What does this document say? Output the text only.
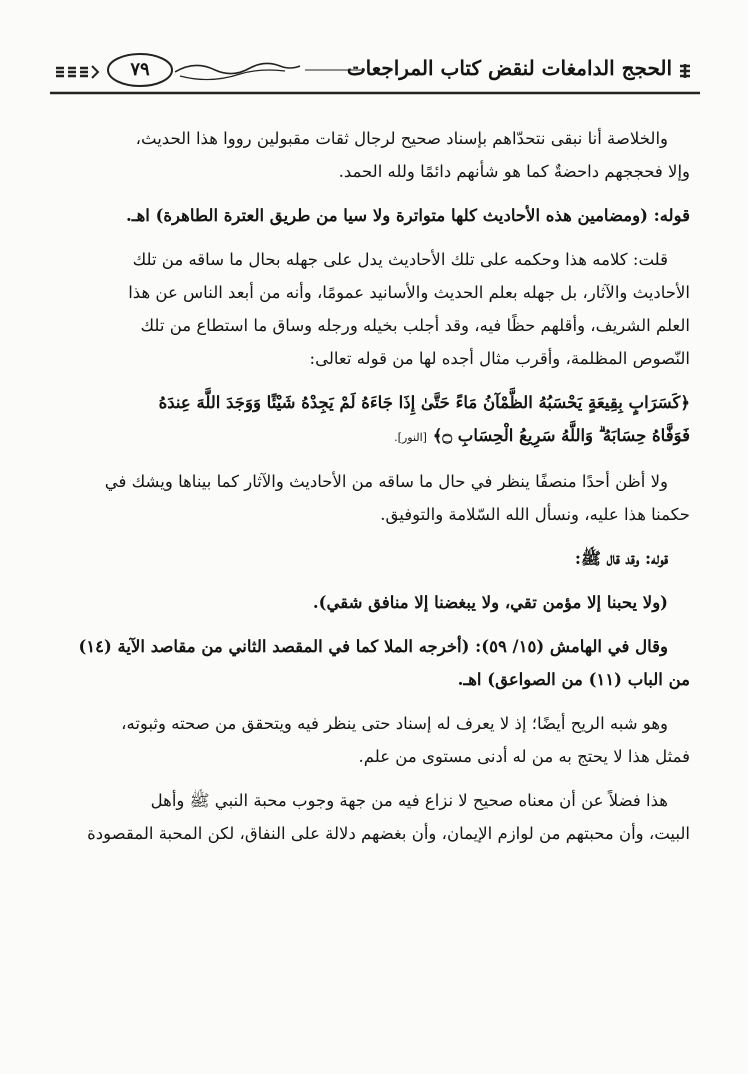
٧٩	الحجج الدامغات لنقض كتاب المراجعات

والخلاصة أنا نبقى نتحدّاهم بإسناد صحيح لرجال ثقات مقبولين رووا هذا الحديث،

وإلا فحججهم داحضةٌ كما هو شأنهم دائمًا ولله الحمد.

قوله: (ومضامين هذه الأحاديث كلها متواترة ولا سيا من طريق العترة الطاهرة) اهـ.

قلت: كلامه هذا وحكمه على تلك الأحاديث يدل على جهله بحال ما ساقه من تلك

الأحاديث والآثار، بل جهله بعلم الحديث والأسانيد عمومًا، وأنه من أبعد الناس عن هذا

العلم الشريف، وأقلهم حظًا فيه، وقد أجلب بخيله ورجله وساق ما استطاع من تلك

النّصوص المظلمة، وأقرب مثال أجده لها من قوله تعالى:

﴿كَسَرَابٍ بِقِيعَةٍ يَحْسَبُهُ الظَّمْآنُ مَاءً حَتَّىٰ إِذَا جَاءَهُ لَمْ يَجِدْهُ شَيْئًا وَوَجَدَ اللَّهَ عِندَهُ

فَوَفَّاهُ حِسَابَهُ ۗ وَاللَّهُ سَرِيعُ الْحِسَابِ ۝﴾ [النور].

ولا أظن أحدًا منصفًا ينظر في حال ما ساقه من الأحاديث والآثار كما بيناها ويشك في

حكمنا هذا عليه، ونسأل الله السّلامة والتوفيق.

قوله: وقد قال ﷺ:

(ولا يحبنا إلا مؤمن تقي، ولا يبغضنا إلا منافق شقي).

وقال في الهامش (١٥/ ٥٩): (أخرجه الملا كما في المقصد الثاني من مقاصد الآية (١٤)

من الباب (١١) من الصواعق) اهـ.

وهو شبه الريح أيضًا؛ إذ لا يعرف له إسناد حتى ينظر فيه ويتحقق من صحته وثبوته،

فمثل هذا لا يحتج به من له أدنى مستوى من علم.

هذا فضلاً عن أن معناه صحيح لا نزاع فيه من جهة وجوب محبة النبي ﷺ وأهل

البيت، وأن محبتهم من لوازم الإيمان، وأن بغضهم دلالة على النفاق، لكن المحبة المقصودة
